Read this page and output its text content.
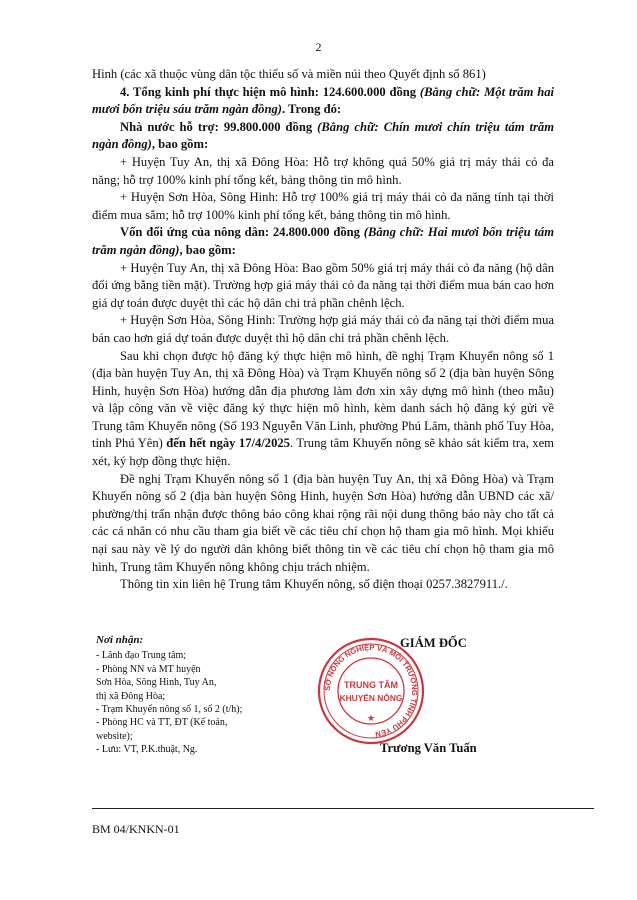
2

Hình (các xã thuộc vùng dân tộc thiểu số và miền núi theo Quyết định số 861)

4. Tổng kinh phí thực hiện mô hình: 124.600.000 đồng (Bằng chữ: Một trăm hai mươi bốn triệu sáu trăm ngàn đồng). Trong đó:

Nhà nước hỗ trợ: 99.800.000 đồng (Bằng chữ: Chín mươi chín triệu tám trăm ngàn đồng), bao gồm:

+ Huyện Tuy An, thị xã Đông Hòa: Hỗ trợ không quá 50% giá trị máy thái cỏ đa năng; hỗ trợ 100% kinh phí tổng kết, bảng thông tin mô hình.

+ Huyện Sơn Hòa, Sông Hinh: Hỗ trợ 100% giá trị máy thái cỏ đa năng tính tại thời điểm mua sắm; hỗ trợ 100% kinh phí tổng kết, bảng thông tin mô hình.

Vốn đối ứng của nông dân: 24.800.000 đồng (Bằng chữ: Hai mươi bốn triệu tám trăm ngàn đồng), bao gồm:

+ Huyện Tuy An, thị xã Đông Hòa: Bao gồm 50% giá trị máy thái cỏ đa năng (hộ dân đối ứng bằng tiền mặt). Trường hợp giá máy thái cỏ đa năng tại thời điểm mua bán cao hơn giá dự toán được duyệt thì các hộ dân chi trả phần chênh lệch.

+ Huyện Sơn Hòa, Sông Hinh: Trường hợp giá máy thái cỏ đa năng tại thời điểm mua bán cao hơn giá dự toán được duyệt thì hộ dân chi trả phần chênh lệch.

Sau khi chọn được hộ đăng ký thực hiện mô hình, đề nghị Trạm Khuyến nông số 1 (địa bàn huyện Tuy An, thị xã Đông Hòa) và Trạm Khuyến nông số 2 (địa bàn huyện Sông Hinh, huyện Sơn Hòa) hướng dẫn địa phương làm đơn xin xây dựng mô hình (theo mẫu) và lập công văn về việc đăng ký thực hiện mô hình, kèm danh sách hộ đăng ký gửi về Trung tâm Khuyến nông (Số 193 Nguyễn Văn Linh, phường Phú Lâm, thành phố Tuy Hòa, tỉnh Phú Yên) đến hết ngày 17/4/2025. Trung tâm Khuyến nông sẽ khảo sát kiểm tra, xem xét, ký hợp đồng thực hiện.

Đề nghị Trạm Khuyến nông số 1 (địa bàn huyện Tuy An, thị xã Đông Hòa) và Trạm Khuyến nông số 2 (địa bàn huyện Sông Hinh, huyện Sơn Hòa) hướng dẫn UBND các xã/ phường/thị trấn nhận được thông báo công khai rộng rãi nội dung thông báo này cho tất cả các cá nhân có nhu cầu tham gia biết về các tiêu chí chọn hộ tham gia mô hình. Mọi khiếu nại sau này về lý do người dân không biết thông tin về các tiêu chí chọn hộ tham gia mô hình, Trung tâm Khuyến nông không chịu trách nhiệm.

Thông tin xin liên hệ Trung tâm Khuyến nông, số điện thoại 0257.3827911./.

Nơi nhận:
- Lãnh đạo Trung tâm;
- Phòng NN và MT huyện
Sơn Hòa, Sông Hinh, Tuy An,
thị xã Đông Hòa;
- Trạm Khuyến nông số 1, số 2 (t/h);
- Phòng HC và TT, ĐT (Kế toán,
website);
- Lưu: VT, P.K.thuật, Ng.
SỞ NÔNG NGHIỆP VÀ MÔI TRƯỜNG TỈNH PHÚ YÊN
TRUNG TÂM
KHUYẾN NÔNG
★
GIÁM ĐỐC
Trương Văn Tuấn
BM 04/KNKN-01
